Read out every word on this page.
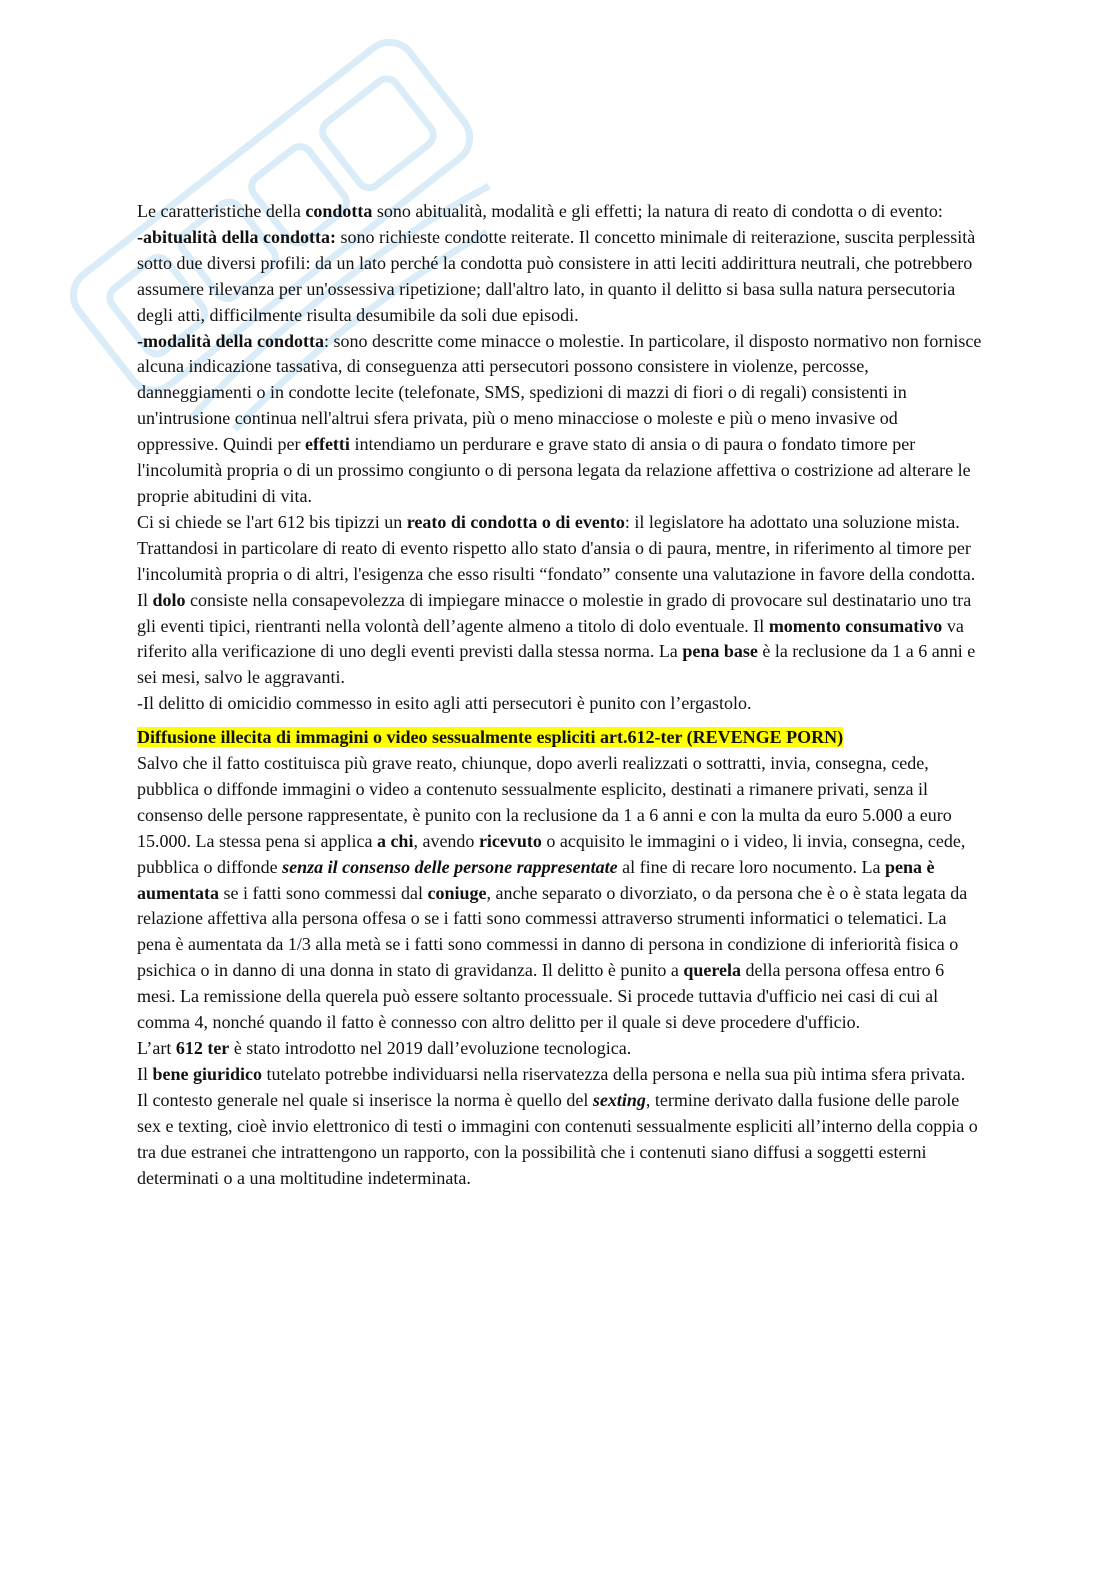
Le caratteristiche della condotta sono abitualità, modalità e gli effetti; la natura di reato di condotta o di evento:

-abitualità della condotta: sono richieste condotte reiterate. Il concetto minimale di reiterazione, suscita perplessità sotto due diversi profili: da un lato perché la condotta può consistere in atti leciti addirittura neutrali, che potrebbero assumere rilevanza per un'ossessiva ripetizione; dall'altro lato, in quanto il delitto si basa sulla natura persecutoria degli atti, difficilmente risulta desumibile da soli due episodi.

-modalità della condotta: sono descritte come minacce o molestie. In particolare, il disposto normativo non fornisce alcuna indicazione tassativa, di conseguenza atti persecutori possono consistere in violenze, percosse, danneggiamenti o in condotte lecite (telefonate, SMS, spedizioni di mazzi di fiori o di regali) consistenti in un'intrusione continua nell'altrui sfera privata, più o meno minacciose o moleste e più o meno invasive od oppressive. Quindi per effetti intendiamo un perdurare e grave stato di ansia o di paura o fondato timore per l'incolumità propria o di un prossimo congiunto o di persona legata da relazione affettiva o costrizione ad alterare le proprie abitudini di vita.

Ci si chiede se l'art 612 bis tipizzi un reato di condotta o di evento: il legislatore ha adottato una soluzione mista. Trattandosi in particolare di reato di evento rispetto allo stato d'ansia o di paura, mentre, in riferimento al timore per l'incolumità propria o di altri, l'esigenza che esso risulti “fondato” consente una valutazione in favore della condotta.

Il dolo consiste nella consapevolezza di impiegare minacce o molestie in grado di provocare sul destinatario uno tra gli eventi tipici, rientranti nella volontà dell’agente almeno a titolo di dolo eventuale. Il momento consumativo va riferito alla verificazione di uno degli eventi previsti dalla stessa norma. La pena base è la reclusione da 1 a 6 anni e sei mesi, salvo le aggravanti.

-Il delitto di omicidio commesso in esito agli atti persecutori è punito con l’ergastolo.

Diffusione illecita di immagini o video sessualmente espliciti art.612-ter (REVENGE PORN)

Salvo che il fatto costituisca più grave reato, chiunque, dopo averli realizzati o sottratti, invia, consegna, cede, pubblica o diffonde immagini o video a contenuto sessualmente esplicito, destinati a rimanere privati, senza il consenso delle persone rappresentate, è punito con la reclusione da 1 a 6 anni e con la multa da euro 5.000 a euro 15.000. La stessa pena si applica a chi, avendo ricevuto o acquisito le immagini o i video, li invia, consegna, cede, pubblica o diffonde senza il consenso delle persone rappresentate al fine di recare loro nocumento. La pena è aumentata se i fatti sono commessi dal coniuge, anche separato o divorziato, o da persona che è o è stata legata da relazione affettiva alla persona offesa o se i fatti sono commessi attraverso strumenti informatici o telematici. La pena è aumentata da 1/3 alla metà se i fatti sono commessi in danno di persona in condizione di inferiorità fisica o psichica o in danno di una donna in stato di gravidanza. Il delitto è punito a querela della persona offesa entro 6 mesi. La remissione della querela può essere soltanto processuale. Si procede tuttavia d'ufficio nei casi di cui al comma 4, nonché quando il fatto è connesso con altro delitto per il quale si deve procedere d'ufficio.

L’art 612 ter è stato introdotto nel 2019 dall’evoluzione tecnologica.

Il bene giuridico tutelato potrebbe individuarsi nella riservatezza della persona e nella sua più intima sfera privata.

Il contesto generale nel quale si inserisce la norma è quello del sexting, termine derivato dalla fusione delle parole sex e texting, cioè invio elettronico di testi o immagini con contenuti sessualmente espliciti all’interno della coppia o tra due estranei che intrattengono un rapporto, con la possibilità che i contenuti siano diffusi a soggetti esterni determinati o a una moltitudine indeterminata.
